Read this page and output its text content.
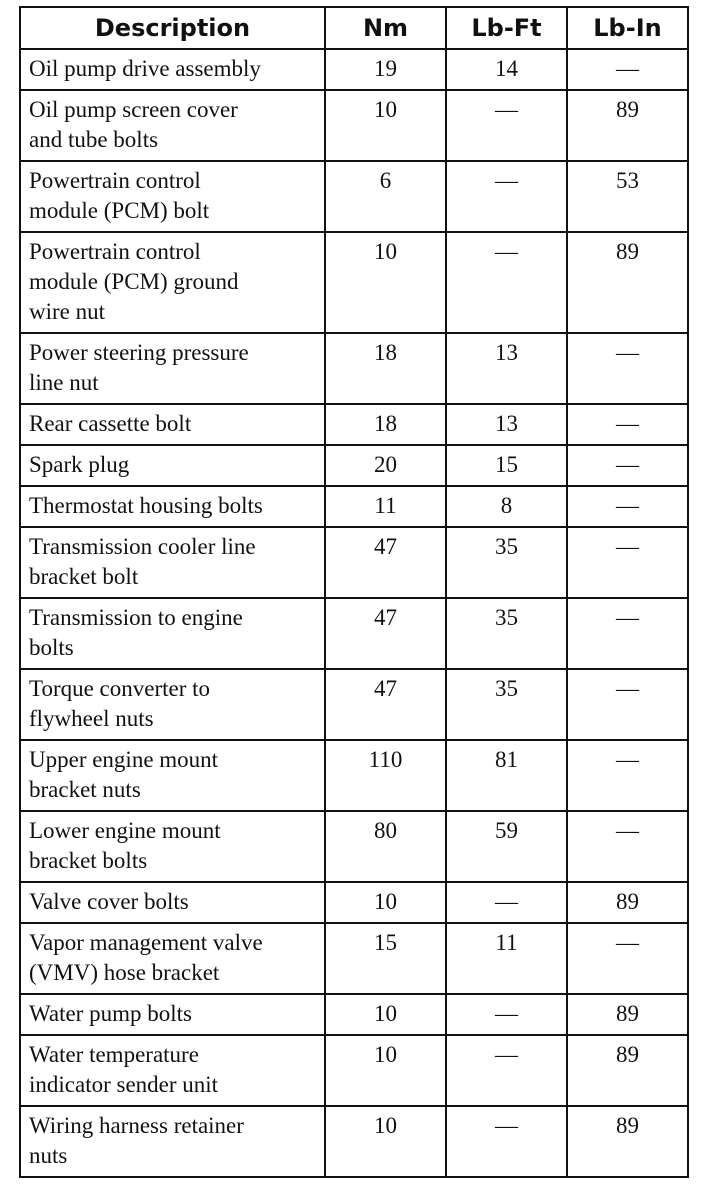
Description	Nm	Lb-Ft	Lb-In
Oil pump drive assembly	19	14	—
Oil pump screen cover
and tube bolts	10	—	89
Powertrain control
module (PCM) bolt	6	—	53
Powertrain control
module (PCM) ground
wire nut	10	—	89
Power steering pressure
line nut	18	13	—
Rear cassette bolt	18	13	—
Spark plug	20	15	—
Thermostat housing bolts	11	8	—
Transmission cooler line
bracket bolt	47	35	—
Transmission to engine
bolts	47	35	—
Torque converter to
flywheel nuts	47	35	—
Upper engine mount
bracket nuts	110	81	—
Lower engine mount
bracket bolts	80	59	—
Valve cover bolts	10	—	89
Vapor management valve
(VMV) hose bracket	15	11	—
Water pump bolts	10	—	89
Water temperature
indicator sender unit	10	—	89
Wiring harness retainer
nuts	10	—	89
